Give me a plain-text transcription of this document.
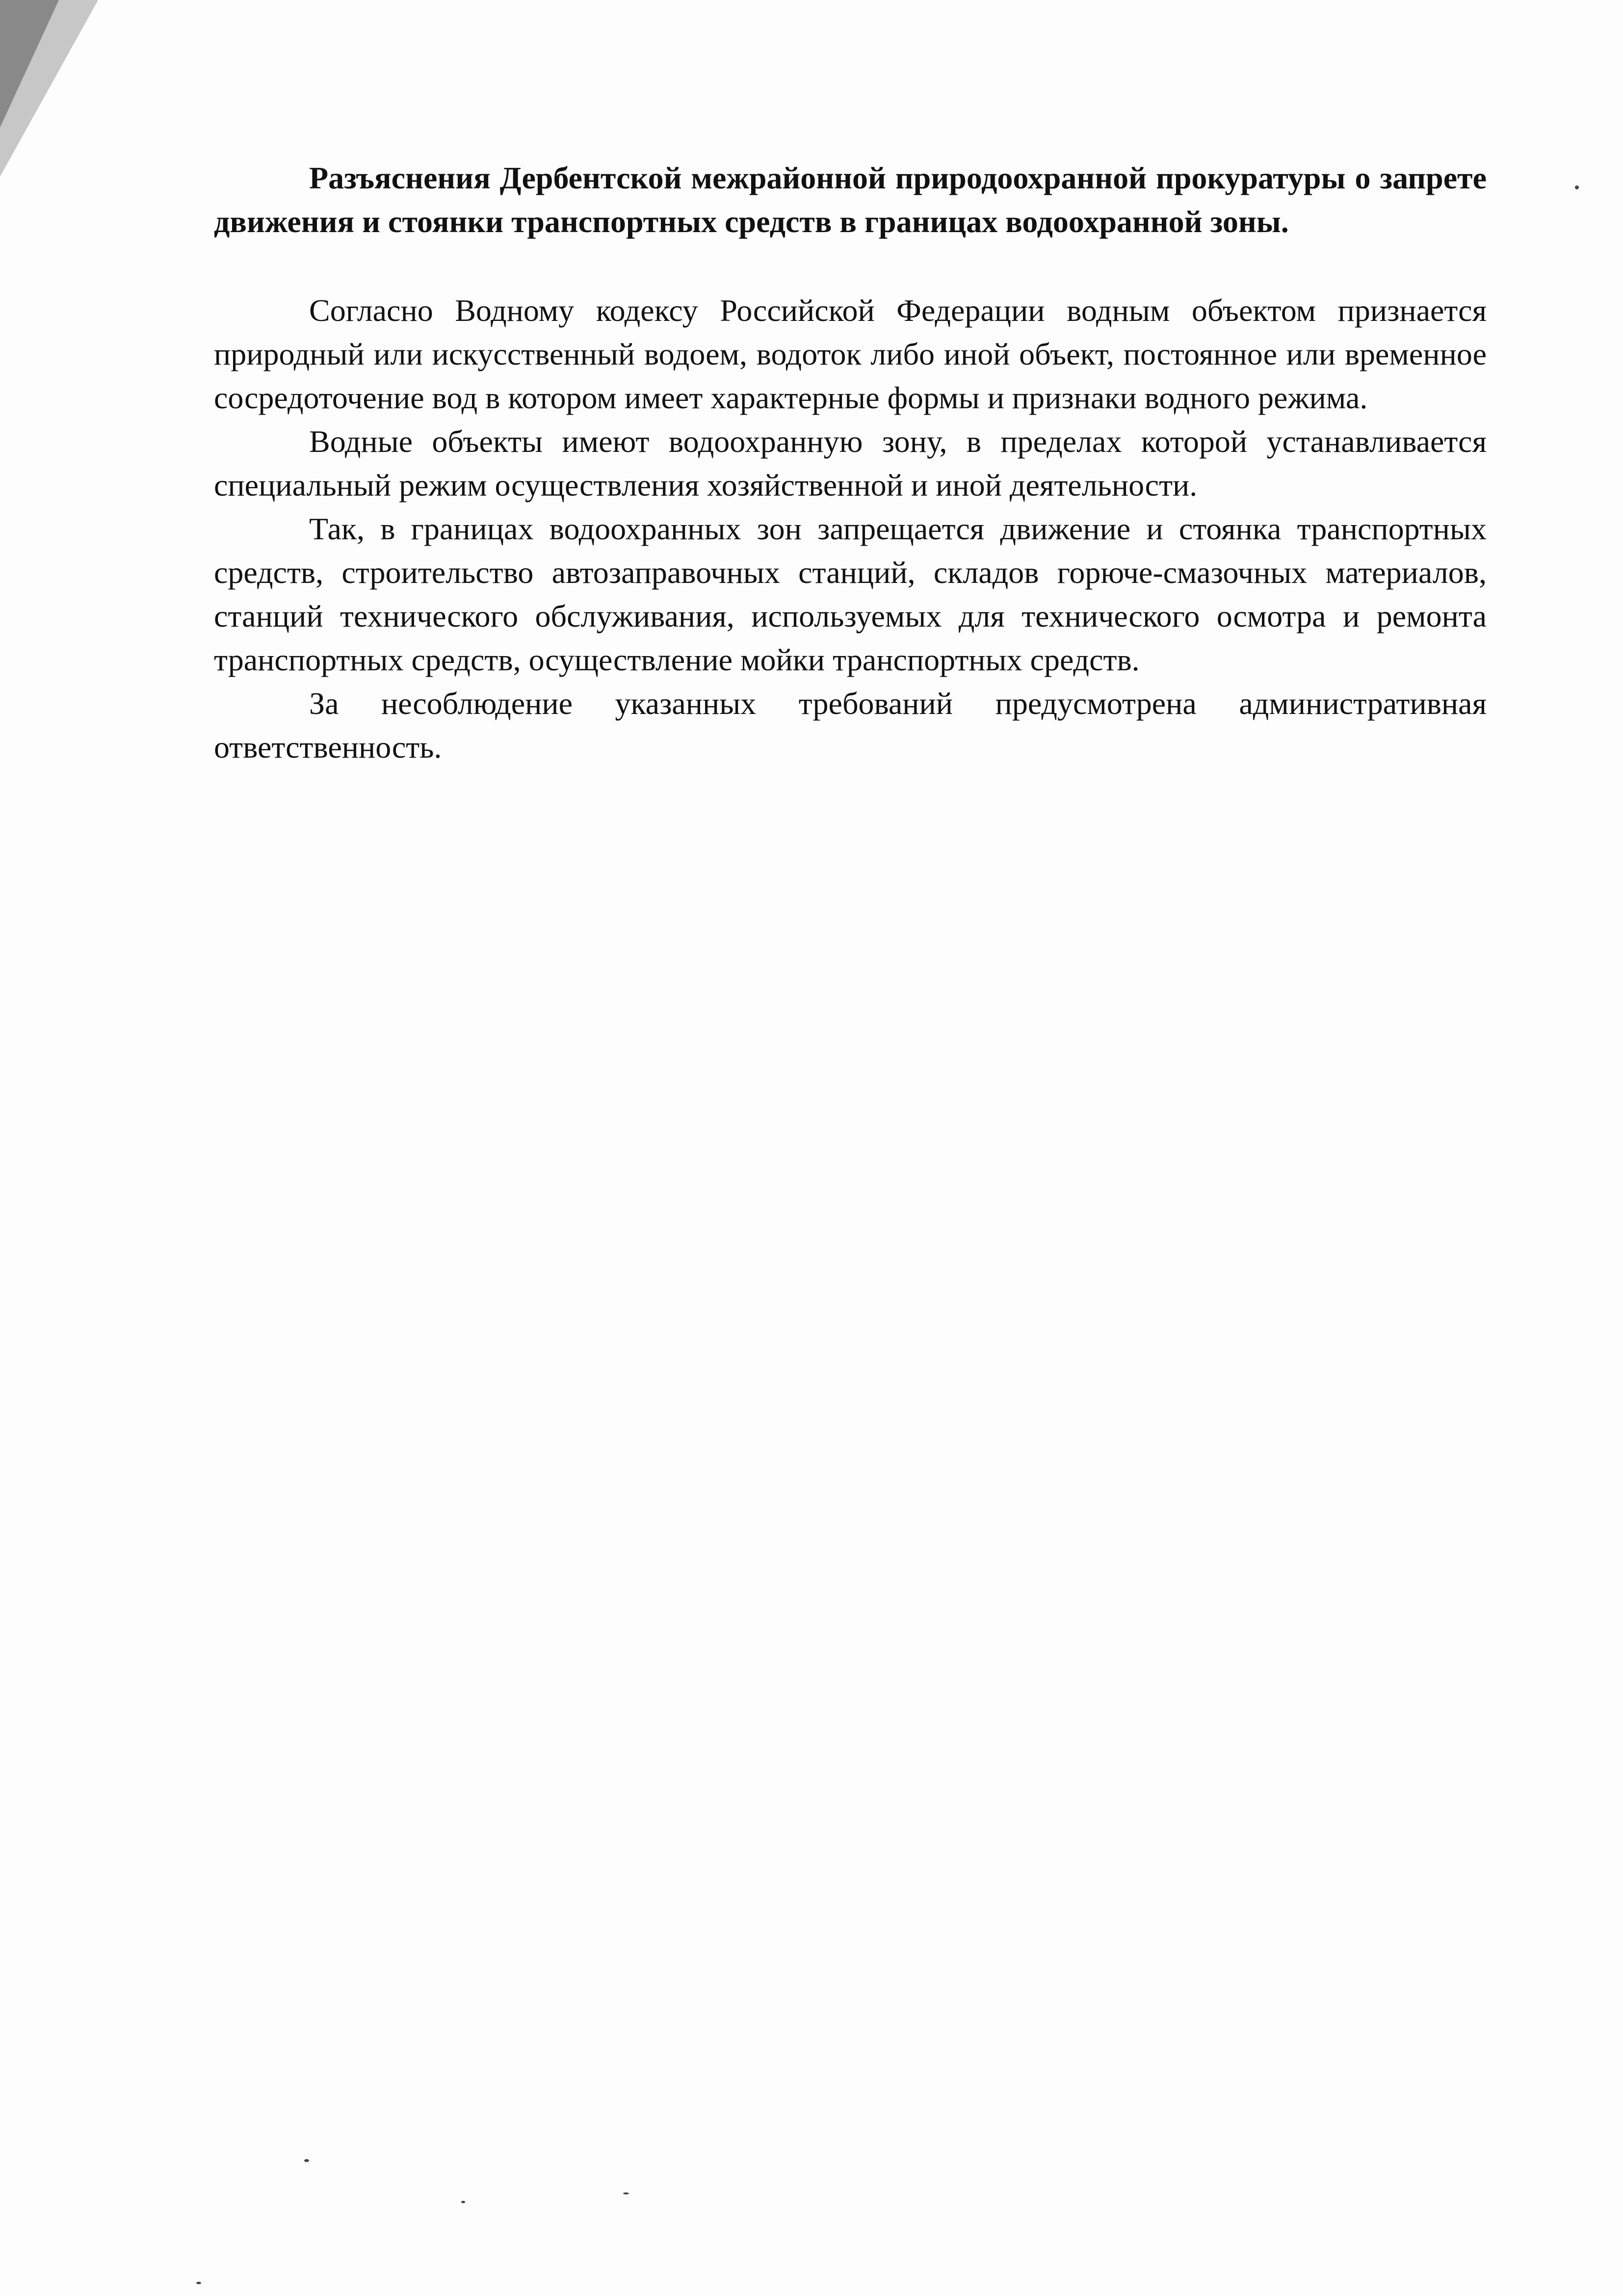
Разъяснения Дербентской межрайонной природоохранной прокуратуры о запрете движения и стоянки транспортных средств в границах водоохранной зоны.

Согласно Водному кодексу Российской Федерации водным объектом признается природный или искусственный водоем, водоток либо иной объект, постоянное или временное сосредоточение вод в котором имеет характерные формы и признаки водного режима.

Водные объекты имеют водоохранную зону, в пределах которой устанавливается специальный режим осуществления хозяйственной и иной деятельности.

Так, в границах водоохранных зон запрещается движение и стоянка транспортных средств, строительство автозаправочных станций, складов горюче-смазочных материалов, станций технического обслуживания, используемых для технического осмотра и ремонта транспортных средств, осуществление мойки транспортных средств.

За несоблюдение указанных требований предусмотрена административная ответственность.
